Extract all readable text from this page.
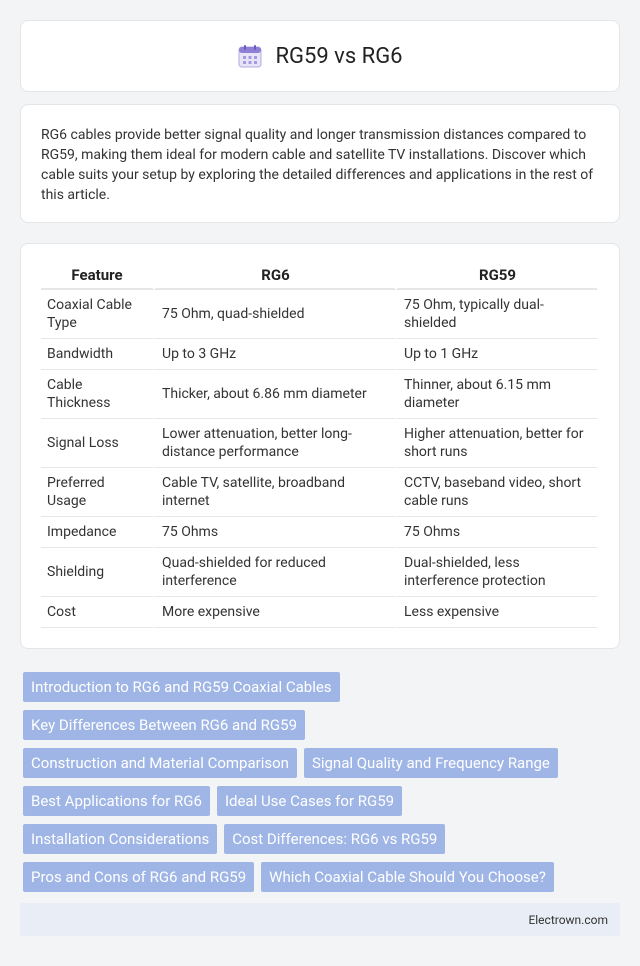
RG59 vs RG6

RG6 cables provide better signal quality and longer transmission distances compared to RG59, making them ideal for modern cable and satellite TV installations. Discover which cable suits your setup by exploring the detailed differences and applications in the rest of this article.

Feature	RG6	RG59
Coaxial Cable Type	75 Ohm, quad-shielded	75 Ohm, typically dual-shielded
Bandwidth	Up to 3 GHz	Up to 1 GHz
Cable Thickness	Thicker, about 6.86 mm diameter	Thinner, about 6.15 mm diameter
Signal Loss	Lower attenuation, better long-distance performance	Higher attenuation, better for short runs
Preferred Usage	Cable TV, satellite, broadband internet	CCTV, baseband video, short cable runs
Impedance	75 Ohms	75 Ohms
Shielding	Quad-shielded for reduced interference	Dual-shielded, less interference protection
Cost	More expensive	Less expensive
Introduction to RG6 and RG59 Coaxial Cables
Key Differences Between RG6 and RG59
Construction and Material Comparison	Signal Quality and Frequency Range
Best Applications for RG6	Ideal Use Cases for RG59
Installation Considerations	Cost Differences: RG6 vs RG59
Pros and Cons of RG6 and RG59	Which Coaxial Cable Should You Choose?
Electrown.com
